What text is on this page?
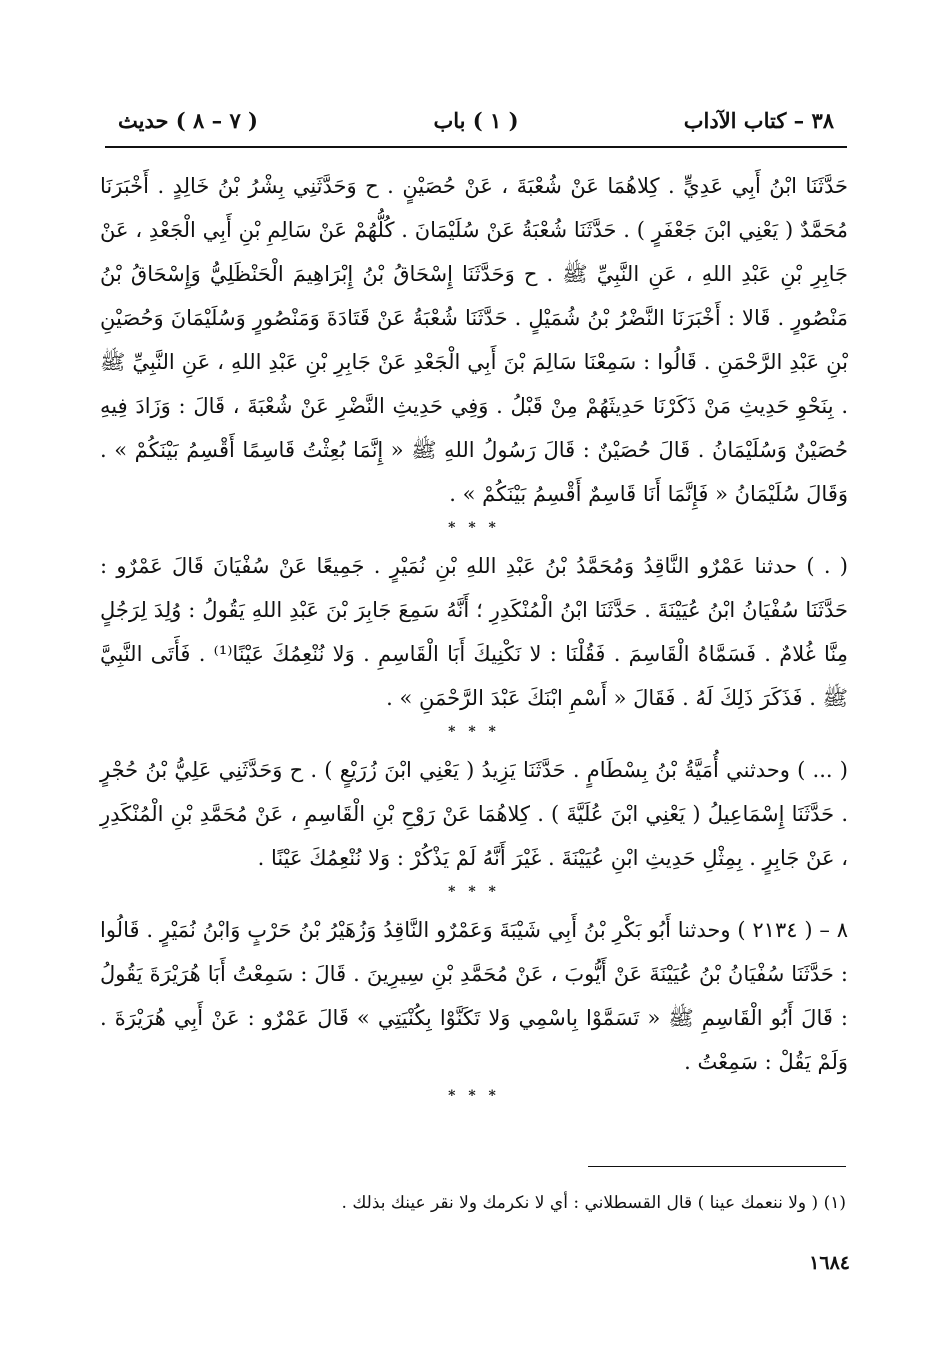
٣٨ – كتاب الآداب
( ١ ) باب
( ٧ – ٨ ) حديث

حَدَّثَنَا ابْنُ أَبِي عَدِيٍّ . كِلاهُمَا عَنْ شُعْبَةَ ، عَنْ حُصَيْنٍ . ح وَحَدَّثَنِي بِشْرُ بْنُ خَالِدٍ . أَخْبَرَنَا مُحَمَّدٌ ( يَعْنِي ابْنَ جَعْفَرٍ ) . حَدَّثَنَا شُعْبَةُ عَنْ سُلَيْمَانَ . كُلُّهُمْ عَنْ سَالِمِ بْنِ أَبِي الْجَعْدِ ، عَنْ جَابِرِ بْنِ عَبْدِ اللهِ ، عَنِ النَّبِيِّ ﷺ . ح وَحَدَّثَنَا إِسْحَاقُ بْنُ إِبْرَاهِيمَ الْحَنْظَلِيُّ وَإِسْحَاقُ بْنُ مَنْصُورٍ . قَالا : أَخْبَرَنَا النَّضْرُ بْنُ شُمَيْلٍ . حَدَّثَنَا شُعْبَةُ عَنْ قَتَادَةَ وَمَنْصُورٍ وَسُلَيْمَانَ وَحُصَيْنِ بْنِ عَبْدِ الرَّحْمَنِ . قَالُوا : سَمِعْنَا سَالِمَ بْنَ أَبِي الْجَعْدِ عَنْ جَابِرِ بْنِ عَبْدِ اللهِ ، عَنِ النَّبِيِّ ﷺ . بِنَحْوِ حَدِيثِ مَنْ ذَكَرْنَا حَدِيثَهُمْ مِنْ قَبْلُ . وَفِي حَدِيثِ النَّضْرِ عَنْ شُعْبَةَ ، قَالَ : وَزَادَ فِيهِ حُصَيْنٌ وَسُلَيْمَانُ . قَالَ حُصَيْنٌ : قَالَ رَسُولُ اللهِ ﷺ « إِنَّمَا بُعِثْتُ قَاسِمًا أَقْسِمُ بَيْنَكُمْ » . وَقَالَ سُلَيْمَانُ « فَإِنَّمَا أَنَا قَاسِمٌ أَقْسِمُ بَيْنَكُمْ » .

* * *

( . ) حدثنا عَمْرٌو النَّاقِدُ وَمُحَمَّدُ بْنُ عَبْدِ اللهِ بْنِ نُمَيْرٍ . جَمِيعًا عَنْ سُفْيَانَ قَالَ عَمْرٌو : حَدَّثَنَا سُفْيَانُ ابْنُ عُيَيْنَةَ . حَدَّثَنَا ابْنُ الْمُنْكَدِرِ ؛ أَنَّهُ سَمِعَ جَابِرَ بْنَ عَبْدِ اللهِ يَقُولُ : وُلِدَ لِرَجُلٍ مِنَّا غُلامٌ . فَسَمَّاهُ الْقَاسِمَ . فَقُلْنَا : لا نَكْنِيكَ أَبَا الْقَاسِمِ . وَلا نُنْعِمُكَ عَيْنًا⁽¹⁾ . فَأَتَى النَّبِيَّ ﷺ . فَذَكَرَ ذَلِكَ لَهُ . فَقَالَ « أَسْمِ ابْنَكَ عَبْدَ الرَّحْمَنِ » .

* * *

( ... ) وحدثني أُمَيَّةُ بْنُ بِسْطَامٍ . حَدَّثَنَا يَزِيدُ ( يَعْنِي ابْنَ زُرَيْعٍ ) . ح وَحَدَّثَنِي عَلِيُّ بْنُ حُجْرٍ . حَدَّثَنَا إِسْمَاعِيلُ ( يَعْنِي ابْنَ عُلَيَّةَ ) . كِلاهُمَا عَنْ رَوْحِ بْنِ الْقَاسِمِ ، عَنْ مُحَمَّدِ بْنِ الْمُنْكَدِرِ ، عَنْ جَابِرٍ . بِمِثْلِ حَدِيثِ ابْنِ عُيَيْنَةَ . غَيْرَ أَنَّهُ لَمْ يَذْكُرْ : وَلا نُنْعِمُكَ عَيْنًا .

* * *

٨ – ( ٢١٣٤ ) وحدثنا أَبُو بَكْرِ بْنُ أَبِي شَيْبَةَ وَعَمْرٌو النَّاقِدُ وَزُهَيْرُ بْنُ حَرْبٍ وَابْنُ نُمَيْرٍ . قَالُوا : حَدَّثَنَا سُفْيَانُ بْنُ عُيَيْنَةَ عَنْ أَيُّوبَ ، عَنْ مُحَمَّدِ بْنِ سِيرِينَ . قَالَ : سَمِعْتُ أَبَا هُرَيْرَةَ يَقُولُ : قَالَ أَبُو الْقَاسِمِ ﷺ « تَسَمَّوْا بِاسْمِي وَلا تَكَنَّوْا بِكُنْيَتِي » قَالَ عَمْرٌو : عَنْ أَبِي هُرَيْرَةَ . وَلَمْ يَقُلْ : سَمِعْتُ .

* * *
(١) ( ولا ننعمك عينا ) قال القسطلاني : أي لا نكرمك ولا نقر عينك بذلك .
١٦٨٤
